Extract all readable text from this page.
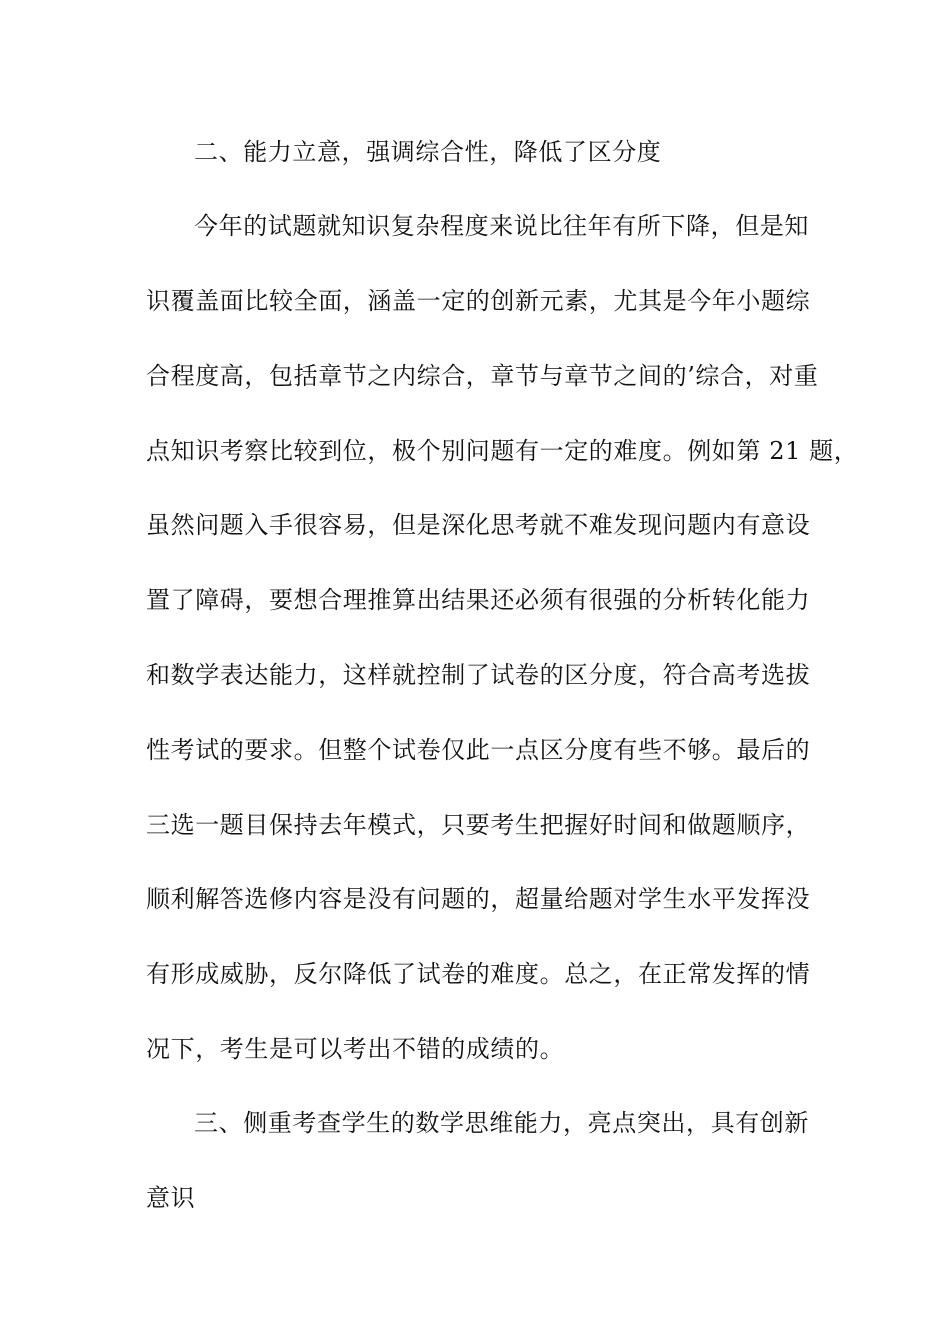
二、能力立意，强调综合性，降低了区分度

今年的试题就知识复杂程度来说比往年有所下降，但是知

识覆盖面比较全面，涵盖一定的创新元素，尤其是今年小题综

合程度高，包括章节之内综合，章节与章节之间的’综合，对重

点知识考察比较到位，极个别问题有一定的难度。例如第 21 题，

虽然问题入手很容易，但是深化思考就不难发现问题内有意设

置了障碍，要想合理推算出结果还必须有很强的分析转化能力

和数学表达能力，这样就控制了试卷的区分度，符合高考选拔

性考试的要求。但整个试卷仅此一点区分度有些不够。最后的

三选一题目保持去年模式，只要考生把握好时间和做题顺序，

顺利解答选修内容是没有问题的，超量给题对学生水平发挥没

有形成威胁，反尔降低了试卷的难度。总之，在正常发挥的情

况下，考生是可以考出不错的成绩的。

三、侧重考查学生的数学思维能力，亮点突出，具有创新

意识
